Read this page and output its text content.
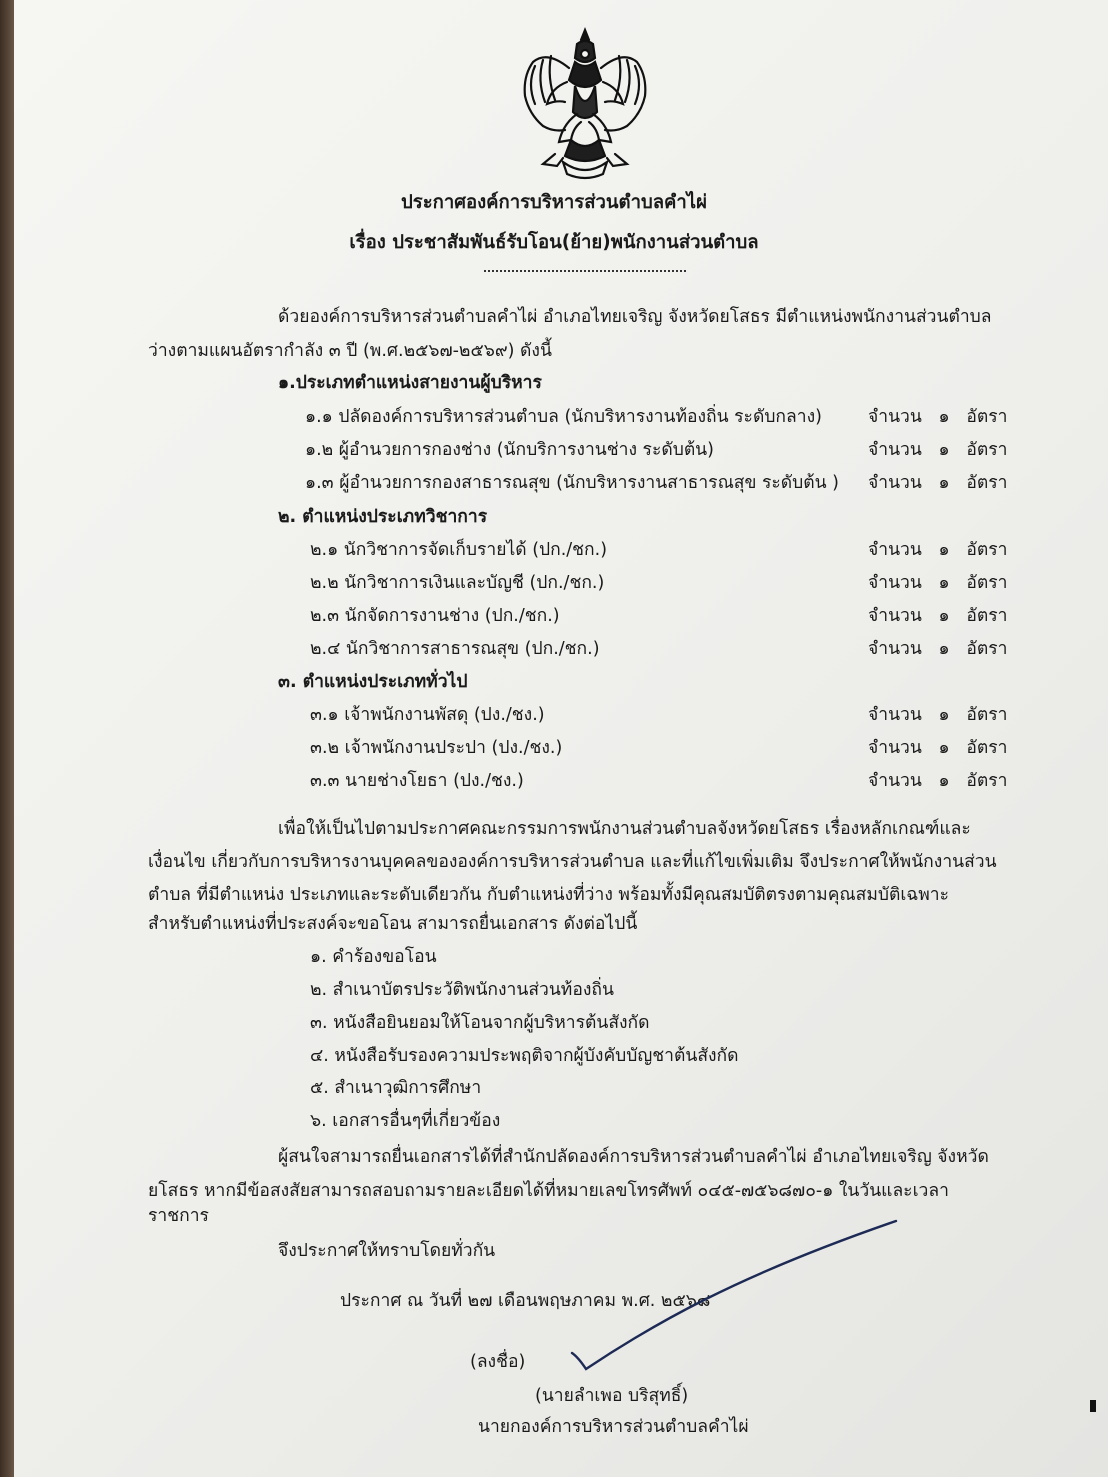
ประกาศองค์การบริหารส่วนตำบลคำไผ่
เรื่อง ประชาสัมพันธ์รับโอน(ย้าย)พนักงานส่วนตำบล
ด้วยองค์การบริหารส่วนตำบลคำไผ่ อำเภอไทยเจริญ จังหวัดยโสธร มีตำแหน่งพนักงานส่วนตำบล
ว่างตามแผนอัตรากำลัง ๓ ปี (พ.ศ.๒๕๖๗-๒๕๖๙) ดังนี้
๑.ประเภทตำแหน่งสายงานผู้บริหาร
๑.๑ ปลัดองค์การบริหารส่วนตำบล (นักบริหารงานท้องถิ่น ระดับกลาง)	จำนวน ๑ อัตรา
๑.๒ ผู้อำนวยการกองช่าง (นักบริการงานช่าง ระดับต้น)	จำนวน ๑ อัตรา
๑.๓ ผู้อำนวยการกองสาธารณสุข (นักบริหารงานสาธารณสุข ระดับต้น ) จำนวน ๑ อัตรา
๒. ตำแหน่งประเภทวิชาการ
๒.๑ นักวิชาการจัดเก็บรายได้ (ปก./ชก.)	จำนวน ๑ อัตรา
๒.๒ นักวิชาการเงินและบัญชี (ปก./ชก.)	จำนวน ๑ อัตรา
๒.๓ นักจัดการงานช่าง (ปก./ชก.)	จำนวน ๑ อัตรา
๒.๔ นักวิชาการสาธารณสุข (ปก./ชก.)	จำนวน ๑ อัตรา
๓. ตำแหน่งประเภททั่วไป
๓.๑ เจ้าพนักงานพัสดุ (ปง./ชง.)	จำนวน ๑ อัตรา
๓.๒ เจ้าพนักงานประปา (ปง./ชง.)	จำนวน ๑ อัตรา
๓.๓ นายช่างโยธา (ปง./ชง.)	จำนวน ๑ อัตรา
เพื่อให้เป็นไปตามประกาศคณะกรรมการพนักงานส่วนตำบลจังหวัดยโสธร เรื่องหลักเกณฑ์และ
เงื่อนไข เกี่ยวกับการบริหารงานบุคคลขององค์การบริหารส่วนตำบล และที่แก้ไขเพิ่มเติม จึงประกาศให้พนักงานส่วน
ตำบล ที่มีตำแหน่ง ประเภทและระดับเดียวกัน กับตำแหน่งที่ว่าง พร้อมทั้งมีคุณสมบัติตรงตามคุณสมบัติเฉพาะ
สำหรับตำแหน่งที่ประสงค์จะขอโอน สามารถยื่นเอกสาร ดังต่อไปนี้
๑. คำร้องขอโอน
๒. สำเนาบัตรประวัติพนักงานส่วนท้องถิ่น
๓. หนังสือยินยอมให้โอนจากผู้บริหารต้นสังกัด
๔. หนังสือรับรองความประพฤติจากผู้บังคับบัญชาต้นสังกัด
๕. สำเนาวุฒิการศึกษา
๖. เอกสารอื่นๆที่เกี่ยวข้อง
ผู้สนใจสามารถยื่นเอกสารได้ที่สำนักปลัดองค์การบริหารส่วนตำบลคำไผ่ อำเภอไทยเจริญ จังหวัด
ยโสธร หากมีข้อสงสัยสามารถสอบถามรายละเอียดได้ที่หมายเลขโทรศัพท์ ๐๔๕-๗๕๖๘๗๐-๑ ในวันและเวลา
ราชการ
จึงประกาศให้ทราบโดยทั่วกัน
ประกาศ ณ วันที่ ๒๗ เดือนพฤษภาคม พ.ศ. ๒๕๖๘
(ลงชื่อ)
(นายลำเพอ บริสุทธิ์)
นายกองค์การบริหารส่วนตำบลคำไผ่
